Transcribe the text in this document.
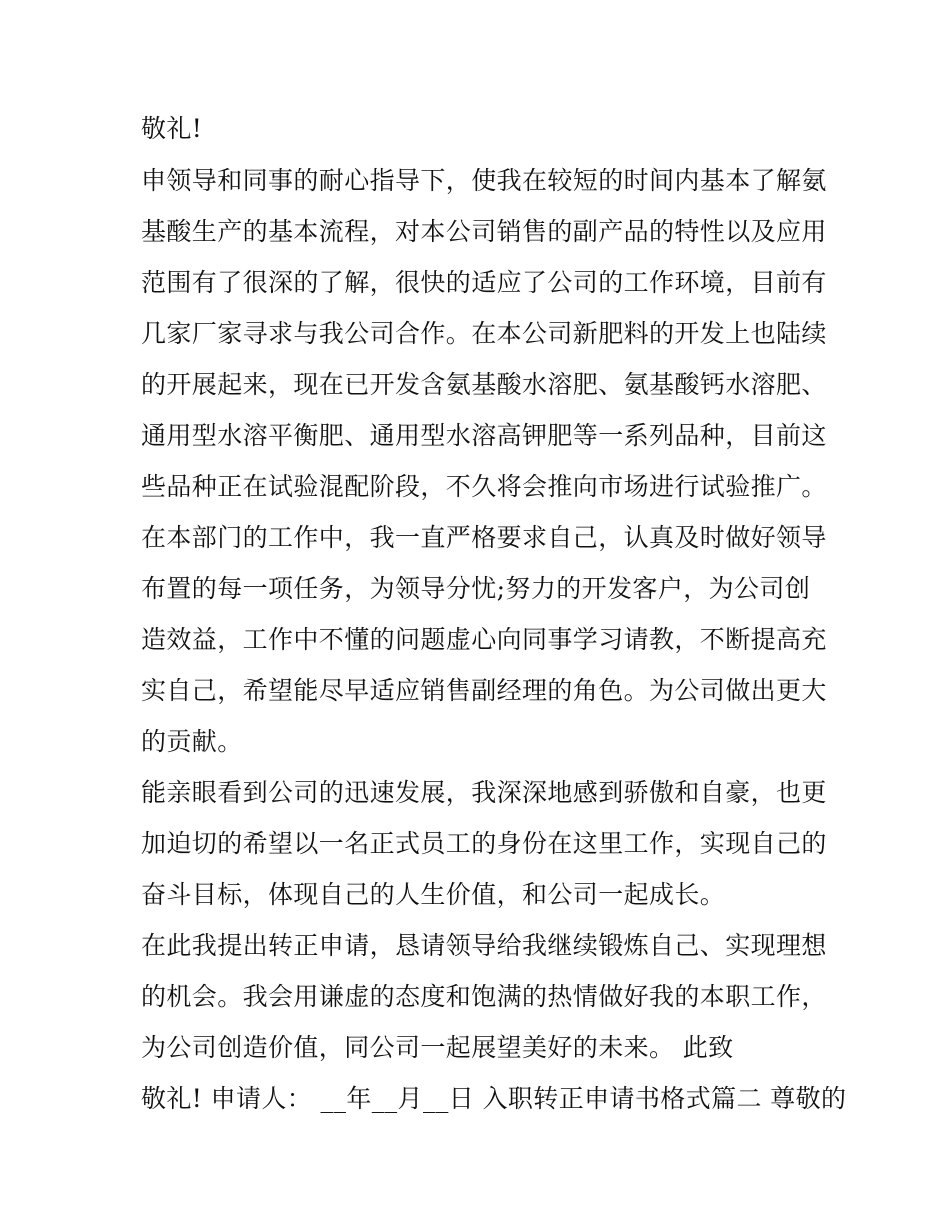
敬礼!

申领导和同事的耐心指导下，使我在较短的时间内基本了解氨

基酸生产的基本流程，对本公司销售的副产品的特性以及应用

范围有了很深的了解，很快的适应了公司的工作环境，目前有

几家厂家寻求与我公司合作。在本公司新肥料的开发上也陆续

的开展起来，现在已开发含氨基酸水溶肥、氨基酸钙水溶肥、

通用型水溶平衡肥、通用型水溶高钾肥等一系列品种，目前这

些品种正在试验混配阶段，不久将会推向市场进行试验推广。

在本部门的工作中，我一直严格要求自己，认真及时做好领导

布置的每一项任务，为领导分忧;努力的开发客户，为公司创

造效益，工作中不懂的问题虚心向同事学习请教，不断提高充

实自己，希望能尽早适应销售副经理的角色。为公司做出更大

的贡献。

能亲眼看到公司的迅速发展，我深深地感到骄傲和自豪，也更

加迫切的希望以一名正式员工的身份在这里工作，实现自己的

奋斗目标，体现自己的人生价值，和公司一起成长。

在此我提出转正申请，恳请领导给我继续锻炼自己、实现理想

的机会。我会用谦虚的态度和饱满的热情做好我的本职工作，

为公司创造价值，同公司一起展望美好的未来。 此致

敬礼! 申请人： __年__月__日 入职转正申请书格式篇二 尊敬的
